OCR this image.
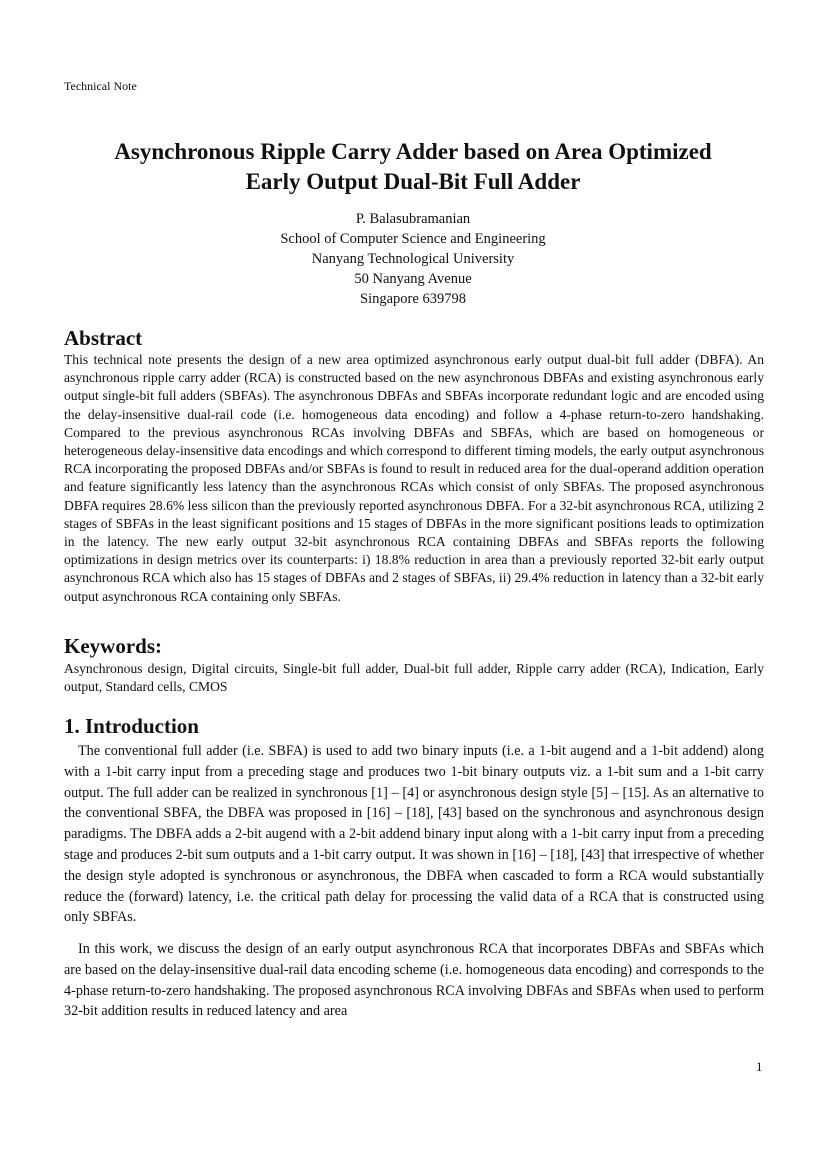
Technical Note
Asynchronous Ripple Carry Adder based on Area Optimized
Early Output Dual-Bit Full Adder
P. Balasubramanian
School of Computer Science and Engineering
Nanyang Technological University
50 Nanyang Avenue
Singapore 639798
Abstract

This technical note presents the design of a new area optimized asynchronous early output dual-bit full adder (DBFA). An asynchronous ripple carry adder (RCA) is constructed based on the new asynchronous DBFAs and existing asynchronous early output single-bit full adders (SBFAs). The asynchronous DBFAs and SBFAs incorporate redundant logic and are encoded using the delay-insensitive dual-rail code (i.e. homogeneous data encoding) and follow a 4-phase return-to-zero handshaking. Compared to the previous asynchronous RCAs involving DBFAs and SBFAs, which are based on homogeneous or heterogeneous delay-insensitive data encodings and which correspond to different timing models, the early output asynchronous RCA incorporating the proposed DBFAs and/or SBFAs is found to result in reduced area for the dual-operand addition operation and feature significantly less latency than the asynchronous RCAs which consist of only SBFAs. The proposed asynchronous DBFA requires 28.6% less silicon than the previously reported asynchronous DBFA. For a 32-bit asynchronous RCA, utilizing 2 stages of SBFAs in the least significant positions and 15 stages of DBFAs in the more significant positions leads to optimization in the latency. The new early output 32-bit asynchronous RCA containing DBFAs and SBFAs reports the following optimizations in design metrics over its counterparts: i) 18.8% reduction in area than a previously reported 32-bit early output asynchronous RCA which also has 15 stages of DBFAs and 2 stages of SBFAs, ii) 29.4% reduction in latency than a 32-bit early output asynchronous RCA containing only SBFAs.

Keywords:

Asynchronous design, Digital circuits, Single-bit full adder, Dual-bit full adder, Ripple carry adder (RCA), Indication, Early output, Standard cells, CMOS

1. Introduction

The conventional full adder (i.e. SBFA) is used to add two binary inputs (i.e. a 1-bit augend and a 1-bit addend) along with a 1-bit carry input from a preceding stage and produces two 1-bit binary outputs viz. a 1-bit sum and a 1-bit carry output. The full adder can be realized in synchronous [1] – [4] or asynchronous design style [5] – [15]. As an alternative to the conventional SBFA, the DBFA was proposed in [16] – [18], [43] based on the synchronous and asynchronous design paradigms. The DBFA adds a 2-bit augend with a 2-bit addend binary input along with a 1-bit carry input from a preceding stage and produces 2-bit sum outputs and a 1-bit carry output. It was shown in [16] – [18], [43] that irrespective of whether the design style adopted is synchronous or asynchronous, the DBFA when cascaded to form a RCA would substantially reduce the (forward) latency, i.e. the critical path delay for processing the valid data of a RCA that is constructed using only SBFAs.

In this work, we discuss the design of an early output asynchronous RCA that incorporates DBFAs and SBFAs which are based on the delay-insensitive dual-rail data encoding scheme (i.e. homogeneous data encoding) and corresponds to the 4-phase return-to-zero handshaking. The proposed asynchronous RCA involving DBFAs and SBFAs when used to perform 32-bit addition results in reduced latency and area

1
